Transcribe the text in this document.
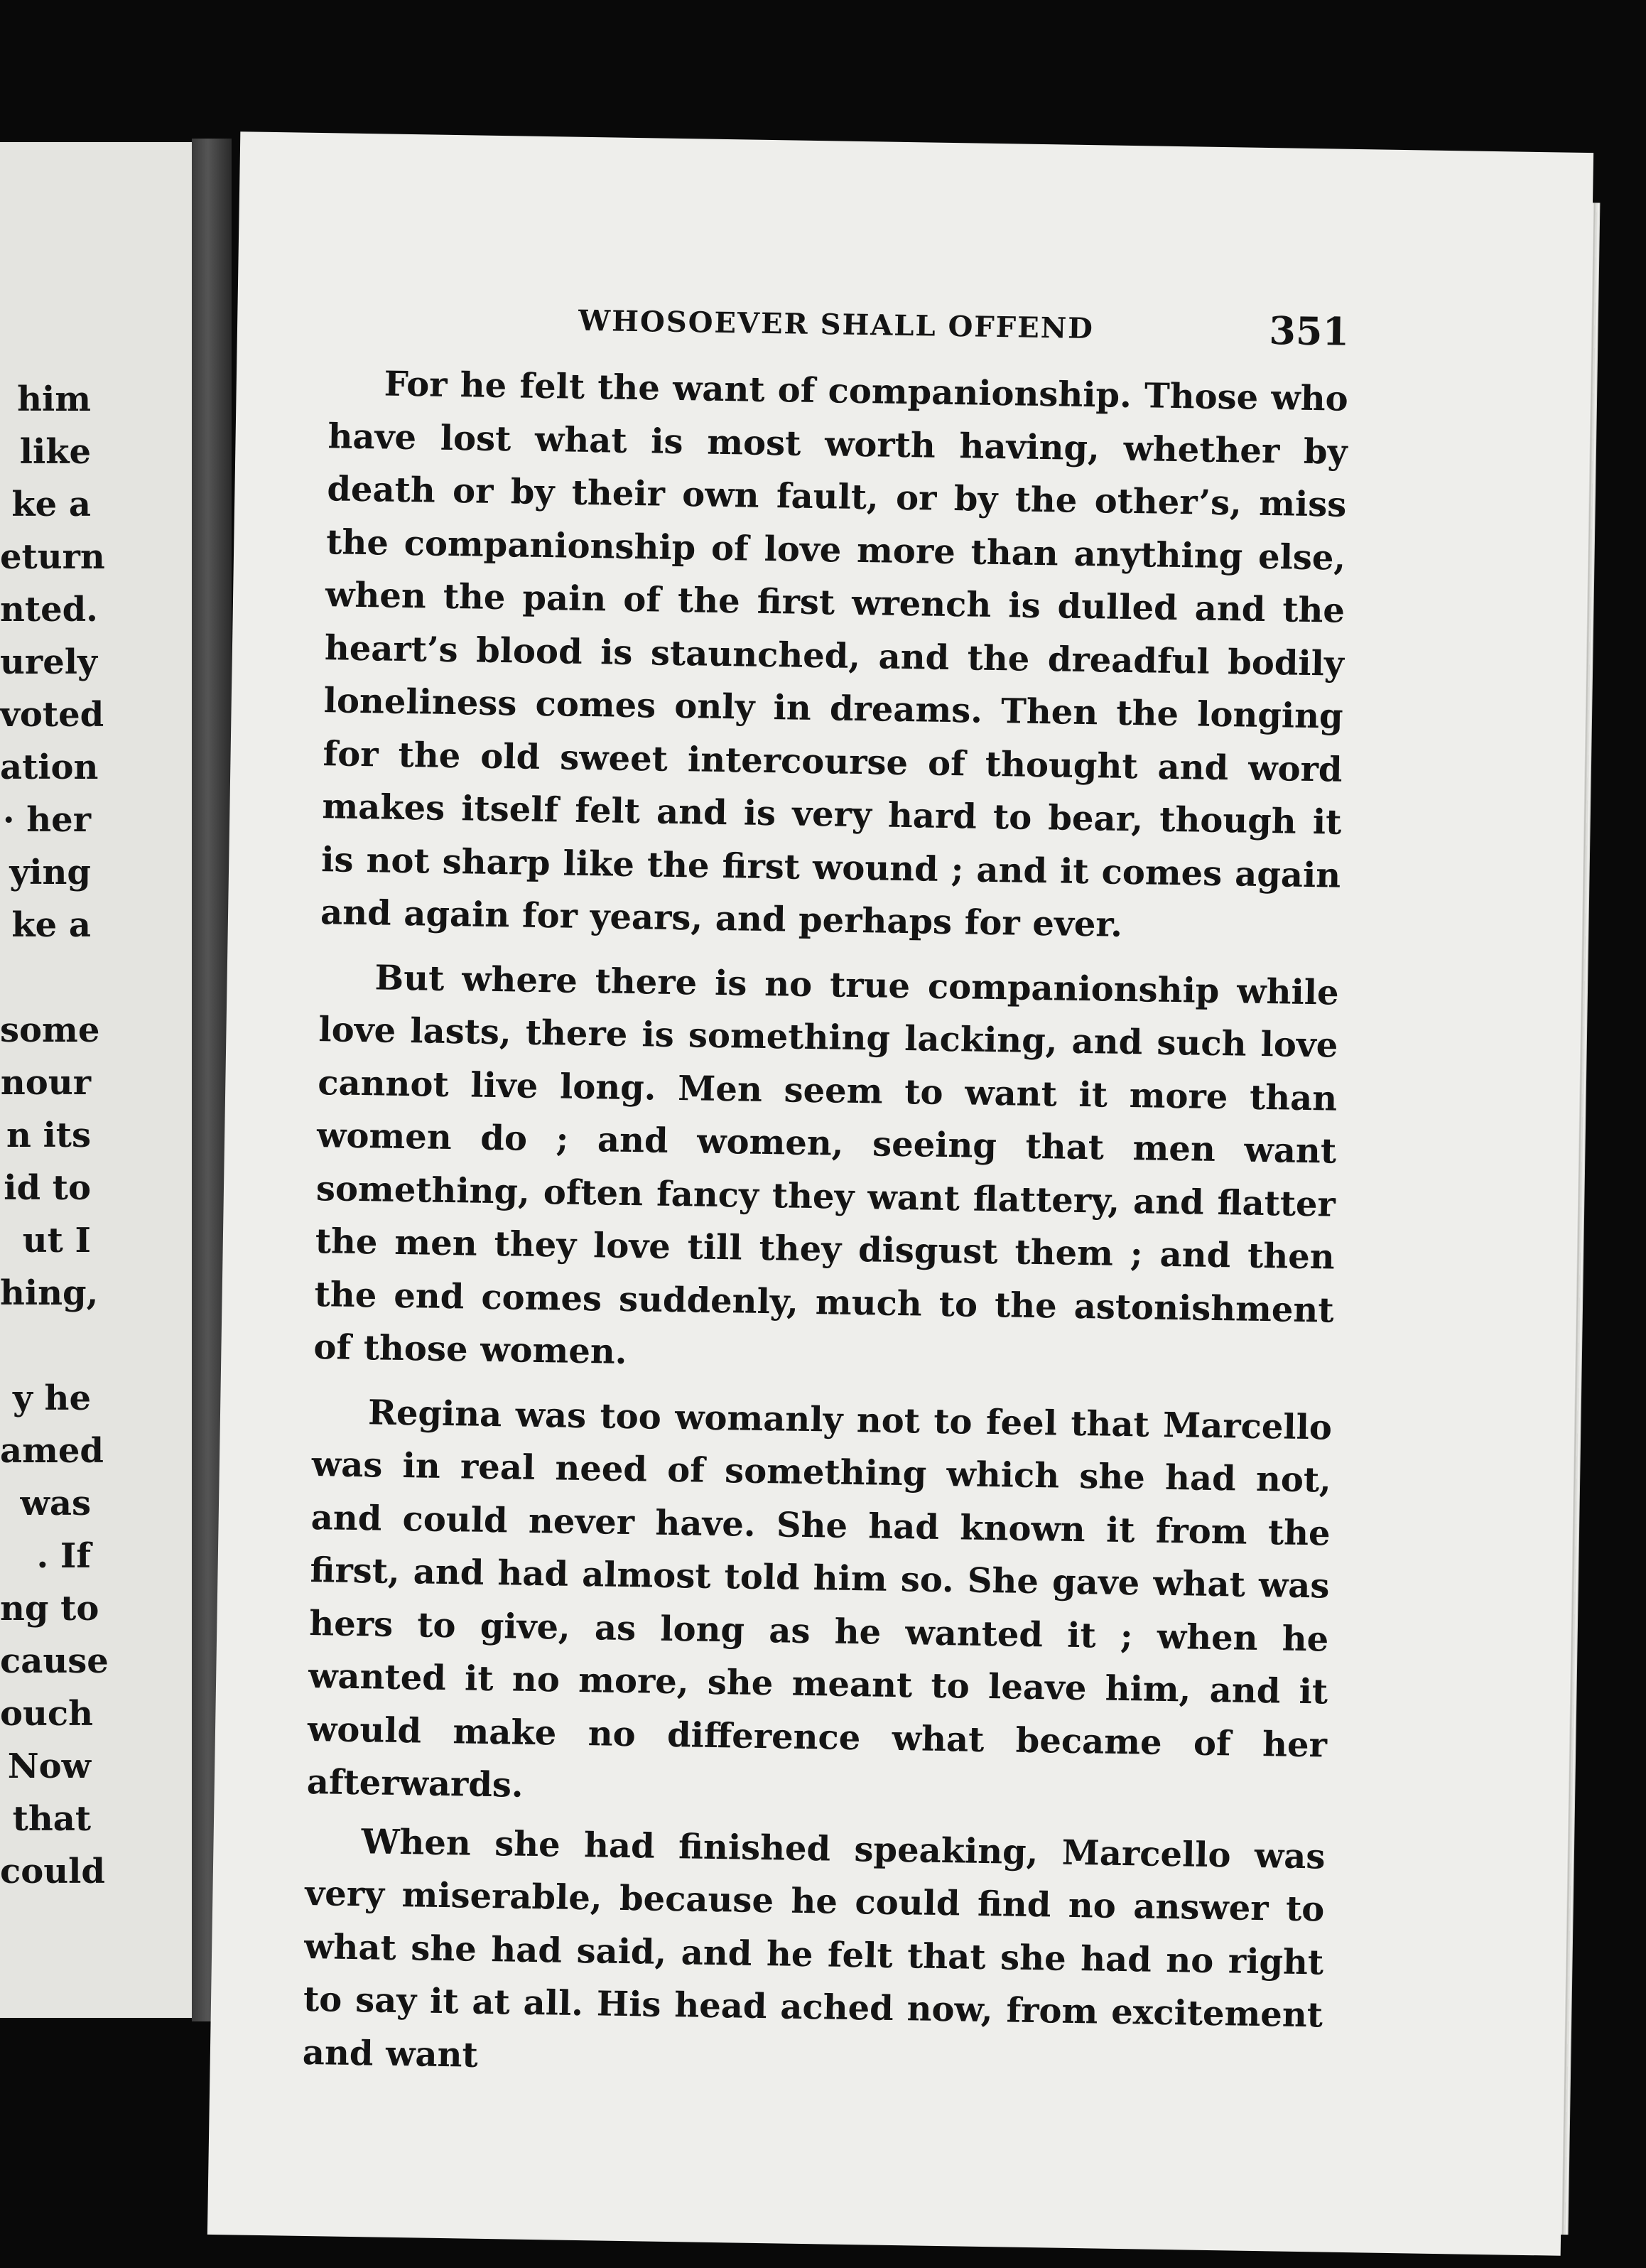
him
like
ke a
eturn
nted.
urely
voted
ation
· her
ying
ke a
some
nour
n its
id to
ut I
hing,
y he
amed
was
. If
ng to
cause
ouch
Now
that
could
WHOSOEVER SHALL OFFEND	351

For he felt the want of companionship. Those who have lost what is most worth having, whether by death or by their own fault, or by the other’s, miss the companionship of love more than anything else, when the pain of the first wrench is dulled and the heart’s blood is staunched, and the dreadful bodily loneliness comes only in dreams. Then the longing for the old sweet intercourse of thought and word makes itself felt and is very hard to bear, though it is not sharp like the first wound ; and it comes again and again for years, and perhaps for ever.

But where there is no true companionship while love lasts, there is something lacking, and such love cannot live long. Men seem to want it more than women do ; and women, seeing that men want something, often fancy they want flattery, and flatter the men they love till they disgust them ; and then the end comes suddenly, much to the astonishment of those women.

Regina was too womanly not to feel that Marcello was in real need of something which she had not, and could never have. She had known it from the first, and had almost told him so. She gave what was hers to give, as long as he wanted it ; when he wanted it no more, she meant to leave him, and it would make no difference what became of her afterwards.

When she had finished speaking, Marcello was very miserable, because he could find no answer to what she had said, and he felt that she had no right to say it at all. His head ached now, from excitement and want
